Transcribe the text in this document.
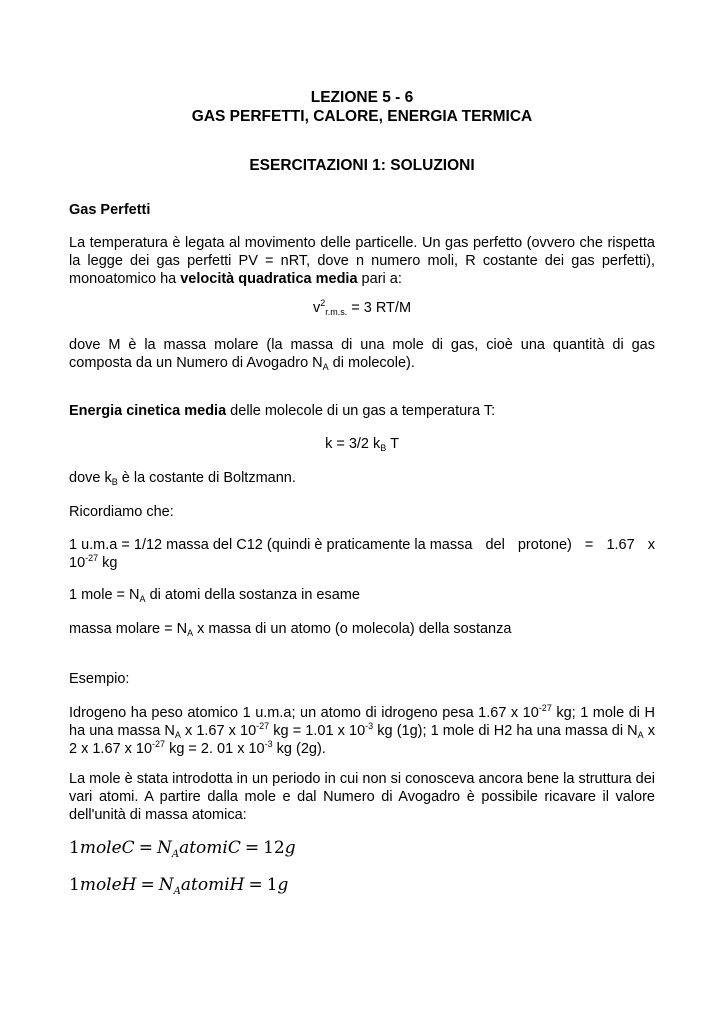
LEZIONE 5 - 6
GAS PERFETTI, CALORE, ENERGIA TERMICA
ESERCITAZIONI 1: SOLUZIONI
Gas Perfetti
La temperatura è legata al movimento delle particelle. Un gas perfetto (ovvero che rispetta la legge dei gas perfetti PV = nRT, dove n numero moli, R costante dei gas perfetti), monoatomico ha velocità quadratica media pari a:
$v^2_{r.m.s.} = 3$ RT/M
dove M è la massa molare (la massa di una mole di gas, cioè una quantità di gas composta da un Numero di Avogadro $N_A$ di molecole).
Energia cinetica media delle molecole di un gas a temperatura T:
k = 3/2 $k_B$ T
dove $k_B$ è la costante di Boltzmann.
Ricordiamo che:
1 u.m.a = 1/12 massa del C12 (quindi è praticamente la massa del protone) = 1.67 x
$10^{-27}$ kg
1 mole = $N_A$ di atomi della sostanza in esame
massa molare = $N_A$ x massa di un atomo (o molecola) della sostanza
Esempio:
Idrogeno ha peso atomico 1 u.m.a; un atomo di idrogeno pesa 1.67 x $10^{-27}$ kg; 1 mole di H ha una massa $N_A$ x 1.67 x $10^{-27}$ kg = 1.01 x $10^{-3}$ kg (1g); 1 mole di H2 ha una massa di $N_A$ x 2 x 1.67 x $10^{-27}$ kg = 2. 01 x $10^{-3}$ kg (2g).
La mole è stata introdotta in un periodo in cui non si conosceva ancora bene la struttura dei vari atomi. A partire dalla mole e dal Numero di Avogadro è possibile ricavare il valore dell'unità di massa atomica:
1moleC = $N_AatomiC = 12g$
1moleH = $N_AatomiH = 1g$
